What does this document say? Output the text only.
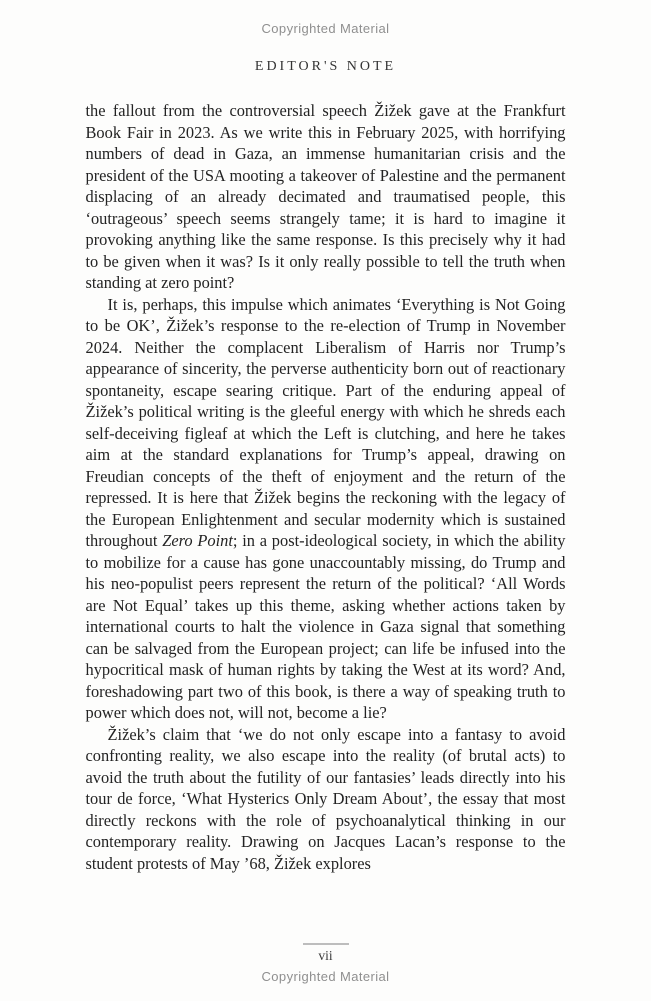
Copyrighted Material
EDITOR'S NOTE

the fallout from the controversial speech Žižek gave at the Frankfurt Book Fair in 2023. As we write this in February 2025, with horrifying numbers of dead in Gaza, an immense humanitarian crisis and the president of the USA mooting a takeover of Palestine and the permanent displacing of an already decimated and traumatised people, this ‘outrageous’ speech seems strangely tame; it is hard to imagine it provoking anything like the same response. Is this precisely why it had to be given when it was? Is it only really possible to tell the truth when standing at zero point?

It is, perhaps, this impulse which animates ‘Everything is Not Going to be OK’, Žižek’s response to the re-election of Trump in November 2024. Neither the complacent Liberalism of Harris nor Trump’s appearance of sincerity, the perverse authenticity born out of reactionary spontaneity, escape searing critique. Part of the enduring appeal of Žižek’s political writing is the gleeful energy with which he shreds each self-deceiving figleaf at which the Left is clutching, and here he takes aim at the standard explanations for Trump’s appeal, drawing on Freudian concepts of the theft of enjoyment and the return of the repressed. It is here that Žižek begins the reckoning with the legacy of the European Enlightenment and secular modernity which is sustained throughout Zero Point; in a post-ideological society, in which the ability to mobilize for a cause has gone unaccountably missing, do Trump and his neo-populist peers represent the return of the political? ‘All Words are Not Equal’ takes up this theme, asking whether actions taken by international courts to halt the violence in Gaza signal that something can be salvaged from the European project; can life be infused into the hypocritical mask of human rights by taking the West at its word? And, foreshadowing part two of this book, is there a way of speaking truth to power which does not, will not, become a lie?

Žižek’s claim that ‘we do not only escape into a fantasy to avoid confronting reality, we also escape into the reality (of brutal acts) to avoid the truth about the futility of our fantasies’ leads directly into his tour de force, ‘What Hysterics Only Dream About’, the essay that most directly reckons with the role of psychoanalytical thinking in our contemporary reality. Drawing on Jacques Lacan’s response to the student protests of May ’68, Žižek explores

vii
Copyrighted Material
